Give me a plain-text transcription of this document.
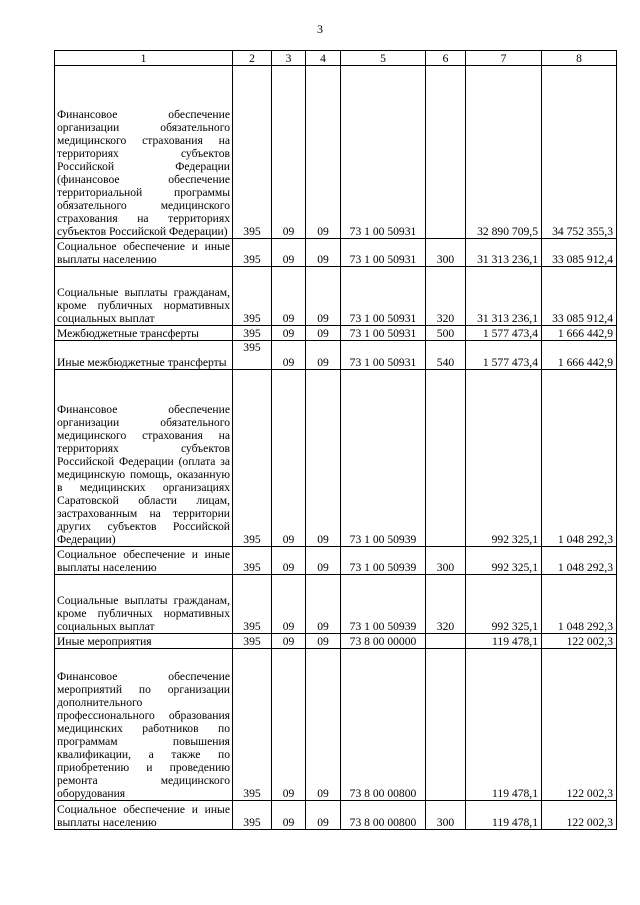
3
1	2	3	4	5	6	7	8
Финансовое обеспечение организации обязательного медицинского страхования на территориях субъектов Российской Федерации (финансовое обеспечение территориальной программы обязательного медицинского страхования на территориях субъектов Российской Федерации)	395	09	09	73 1 00 50931		32 890 709,5	34 752 355,3
Социальное обеспечение и иные выплаты населению	395	09	09	73 1 00 50931	300	31 313 236,1	33 085 912,4
Социальные выплаты гражданам, кроме публичных нормативных социальных выплат	395	09	09	73 1 00 50931	320	31 313 236,1	33 085 912,4
Межбюджетные трансферты	395	09	09	73 1 00 50931	500	1 577 473,4	1 666 442,9
Иные межбюджетные трансферты	395	09	09	73 1 00 50931	540	1 577 473,4	1 666 442,9
Финансовое обеспечение организации обязательного медицинского страхования на территориях субъектов Российской Федерации (оплата за медицинскую помощь, оказанную в медицинских организациях Саратовской области лицам, застрахованным на территории других субъектов Российской Федерации)	395	09	09	73 1 00 50939		992 325,1	1 048 292,3
Социальное обеспечение и иные выплаты населению	395	09	09	73 1 00 50939	300	992 325,1	1 048 292,3
Социальные выплаты гражданам, кроме публичных нормативных социальных выплат	395	09	09	73 1 00 50939	320	992 325,1	1 048 292,3
Иные мероприятия	395	09	09	73 8 00 00000		119 478,1	122 002,3
Финансовое обеспечение мероприятий по организации дополнительного профессионального образования медицинских работников по программам повышения квалификации, а также по приобретению и проведению ремонта медицинского оборудования	395	09	09	73 8 00 00800		119 478,1	122 002,3
Социальное обеспечение и иные выплаты населению	395	09	09	73 8 00 00800	300	119 478,1	122 002,3
